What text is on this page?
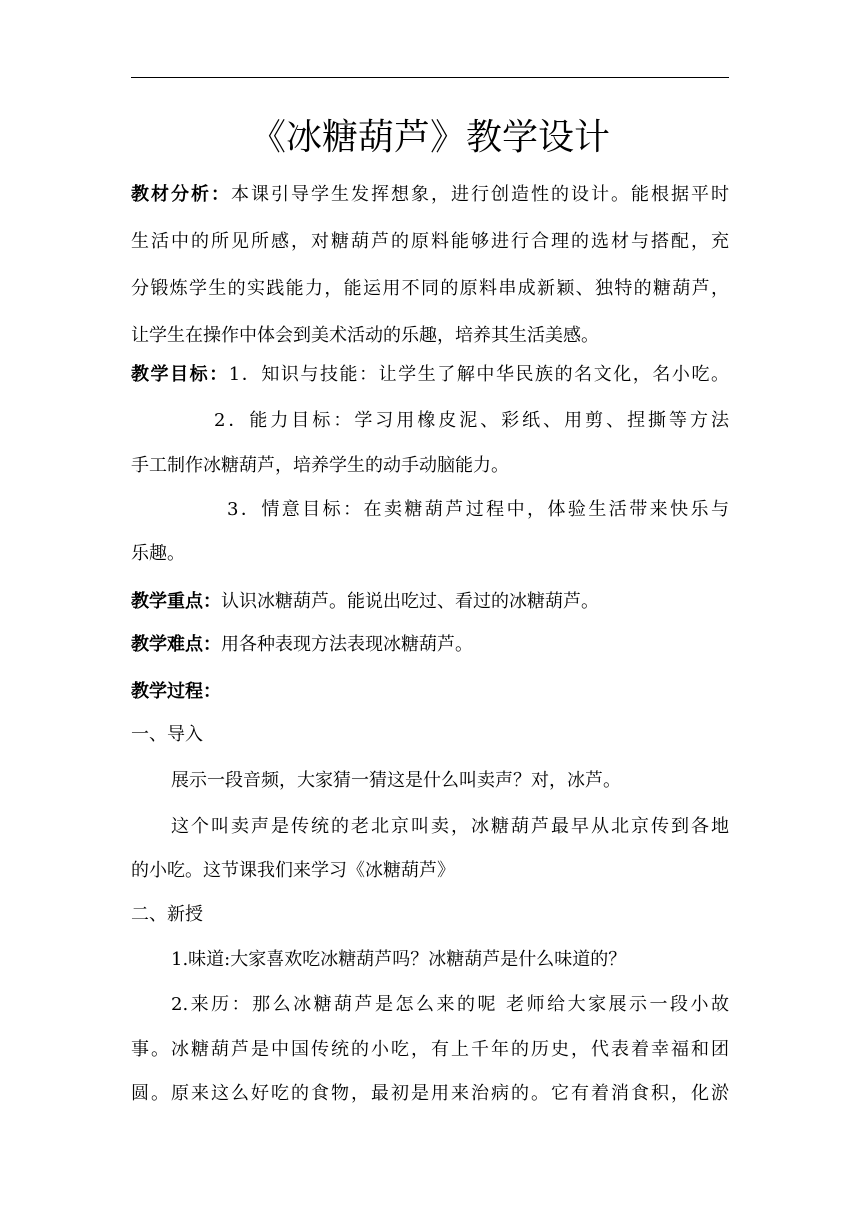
《冰糖葫芦》教学设计
教材分析：本课引导学生发挥想象，进行创造性的设计。能根据平时
生活中的所见所感，对糖葫芦的原料能够进行合理的选材与搭配，充
分锻炼学生的实践能力，能运用不同的原料串成新颖、独特的糖葫芦，
让学生在操作中体会到美术活动的乐趣，培养其生活美感。
教学目标：1．知识与技能：让学生了解中华民族的名文化，名小吃。
2．能力目标：学习用橡皮泥、彩纸、用剪、捏撕等方法
手工制作冰糖葫芦，培养学生的动手动脑能力。
3．情意目标：在卖糖葫芦过程中，体验生活带来快乐与
乐趣。
教学重点：认识冰糖葫芦。能说出吃过、看过的冰糖葫芦。
教学难点：用各种表现方法表现冰糖葫芦。
教学过程：
一、导入
展示一段音频，大家猜一猜这是什么叫卖声？对，冰芦。
这个叫卖声是传统的老北京叫卖，冰糖葫芦最早从北京传到各地
的小吃。这节课我们来学习《冰糖葫芦》
二、新授
1.味道:大家喜欢吃冰糖葫芦吗？冰糖葫芦是什么味道的？
2.来历：那么冰糖葫芦是怎么来的呢 老师给大家展示一段小故
事。冰糖葫芦是中国传统的小吃，有上千年的历史，代表着幸福和团
圆。原来这么好吃的食物，最初是用来治病的。它有着消食积，化淤
